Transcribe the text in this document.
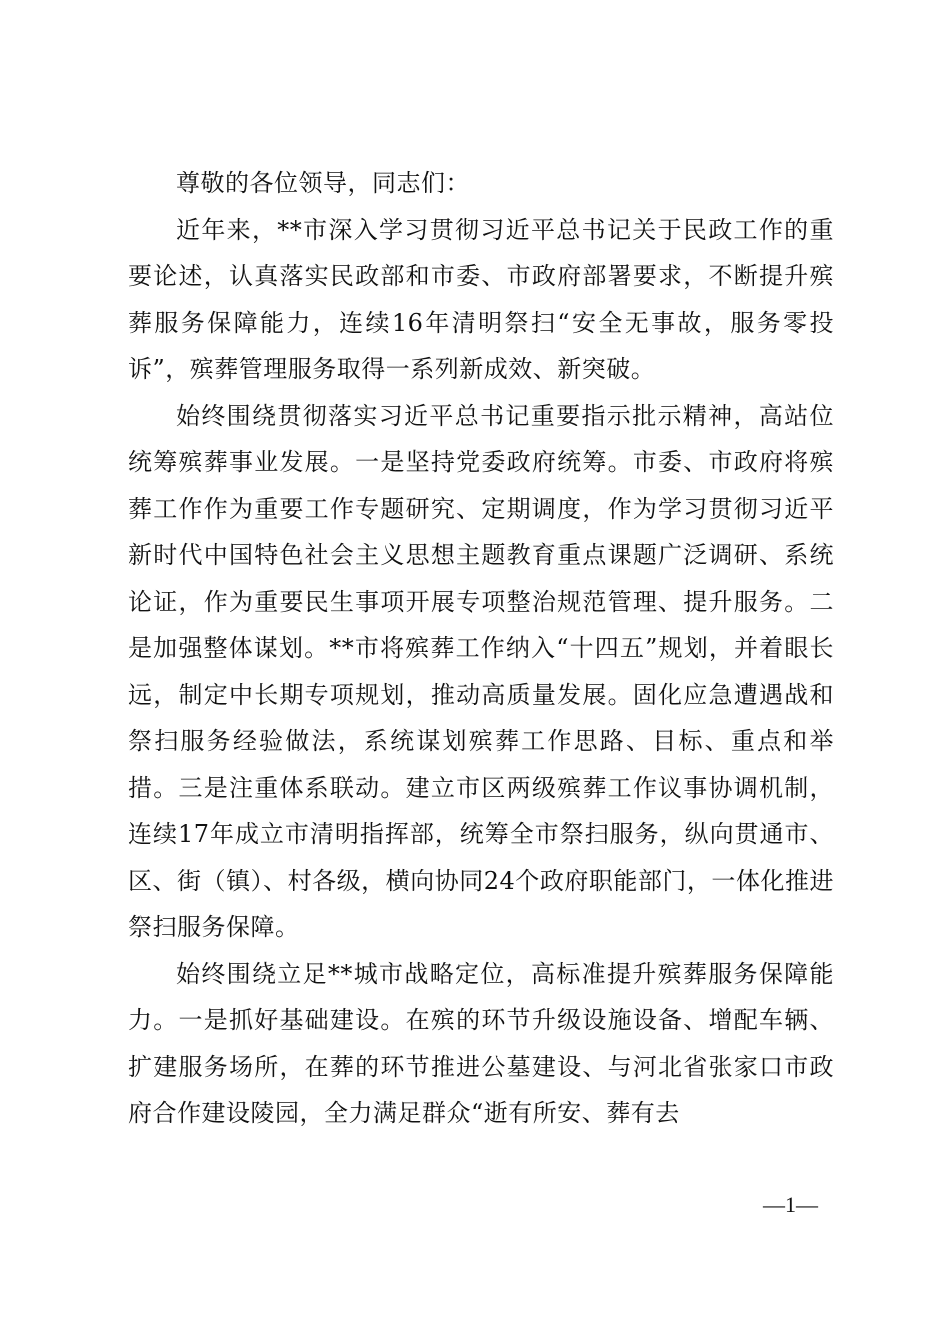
尊敬的各位领导，同志们：

近年来，**市深入学习贯彻习近平总书记关于民政工作的重要论述，认真落实民政部和市委、市政府部署要求，不断提升殡葬服务保障能力，连续16年清明祭扫“安全无事故，服务零投诉”，殡葬管理服务取得一系列新成效、新突破。

始终围绕贯彻落实习近平总书记重要指示批示精神，高站位统筹殡葬事业发展。一是坚持党委政府统筹。市委、市政府将殡葬工作作为重要工作专题研究、定期调度，作为学习贯彻习近平新时代中国特色社会主义思想主题教育重点课题广泛调研、系统论证，作为重要民生事项开展专项整治规范管理、提升服务。二是加强整体谋划。**市将殡葬工作纳入“十四五”规划，并着眼长远，制定中长期专项规划，推动高质量发展。固化应急遭遇战和祭扫服务经验做法，系统谋划殡葬工作思路、目标、重点和举措。三是注重体系联动。建立市区两级殡葬工作议事协调机制，连续17年成立市清明指挥部，统筹全市祭扫服务，纵向贯通市、区、街（镇）、村各级，横向协同24个政府职能部门，一体化推进祭扫服务保障。

始终围绕立足**城市战略定位，高标准提升殡葬服务保障能力。一是抓好基础建设。在殡的环节升级设施设备、增配车辆、扩建服务场所，在葬的环节推进公墓建设、与河北省张家口市政府合作建设陵园，全力满足群众“逝有所安、葬有去

—1—
